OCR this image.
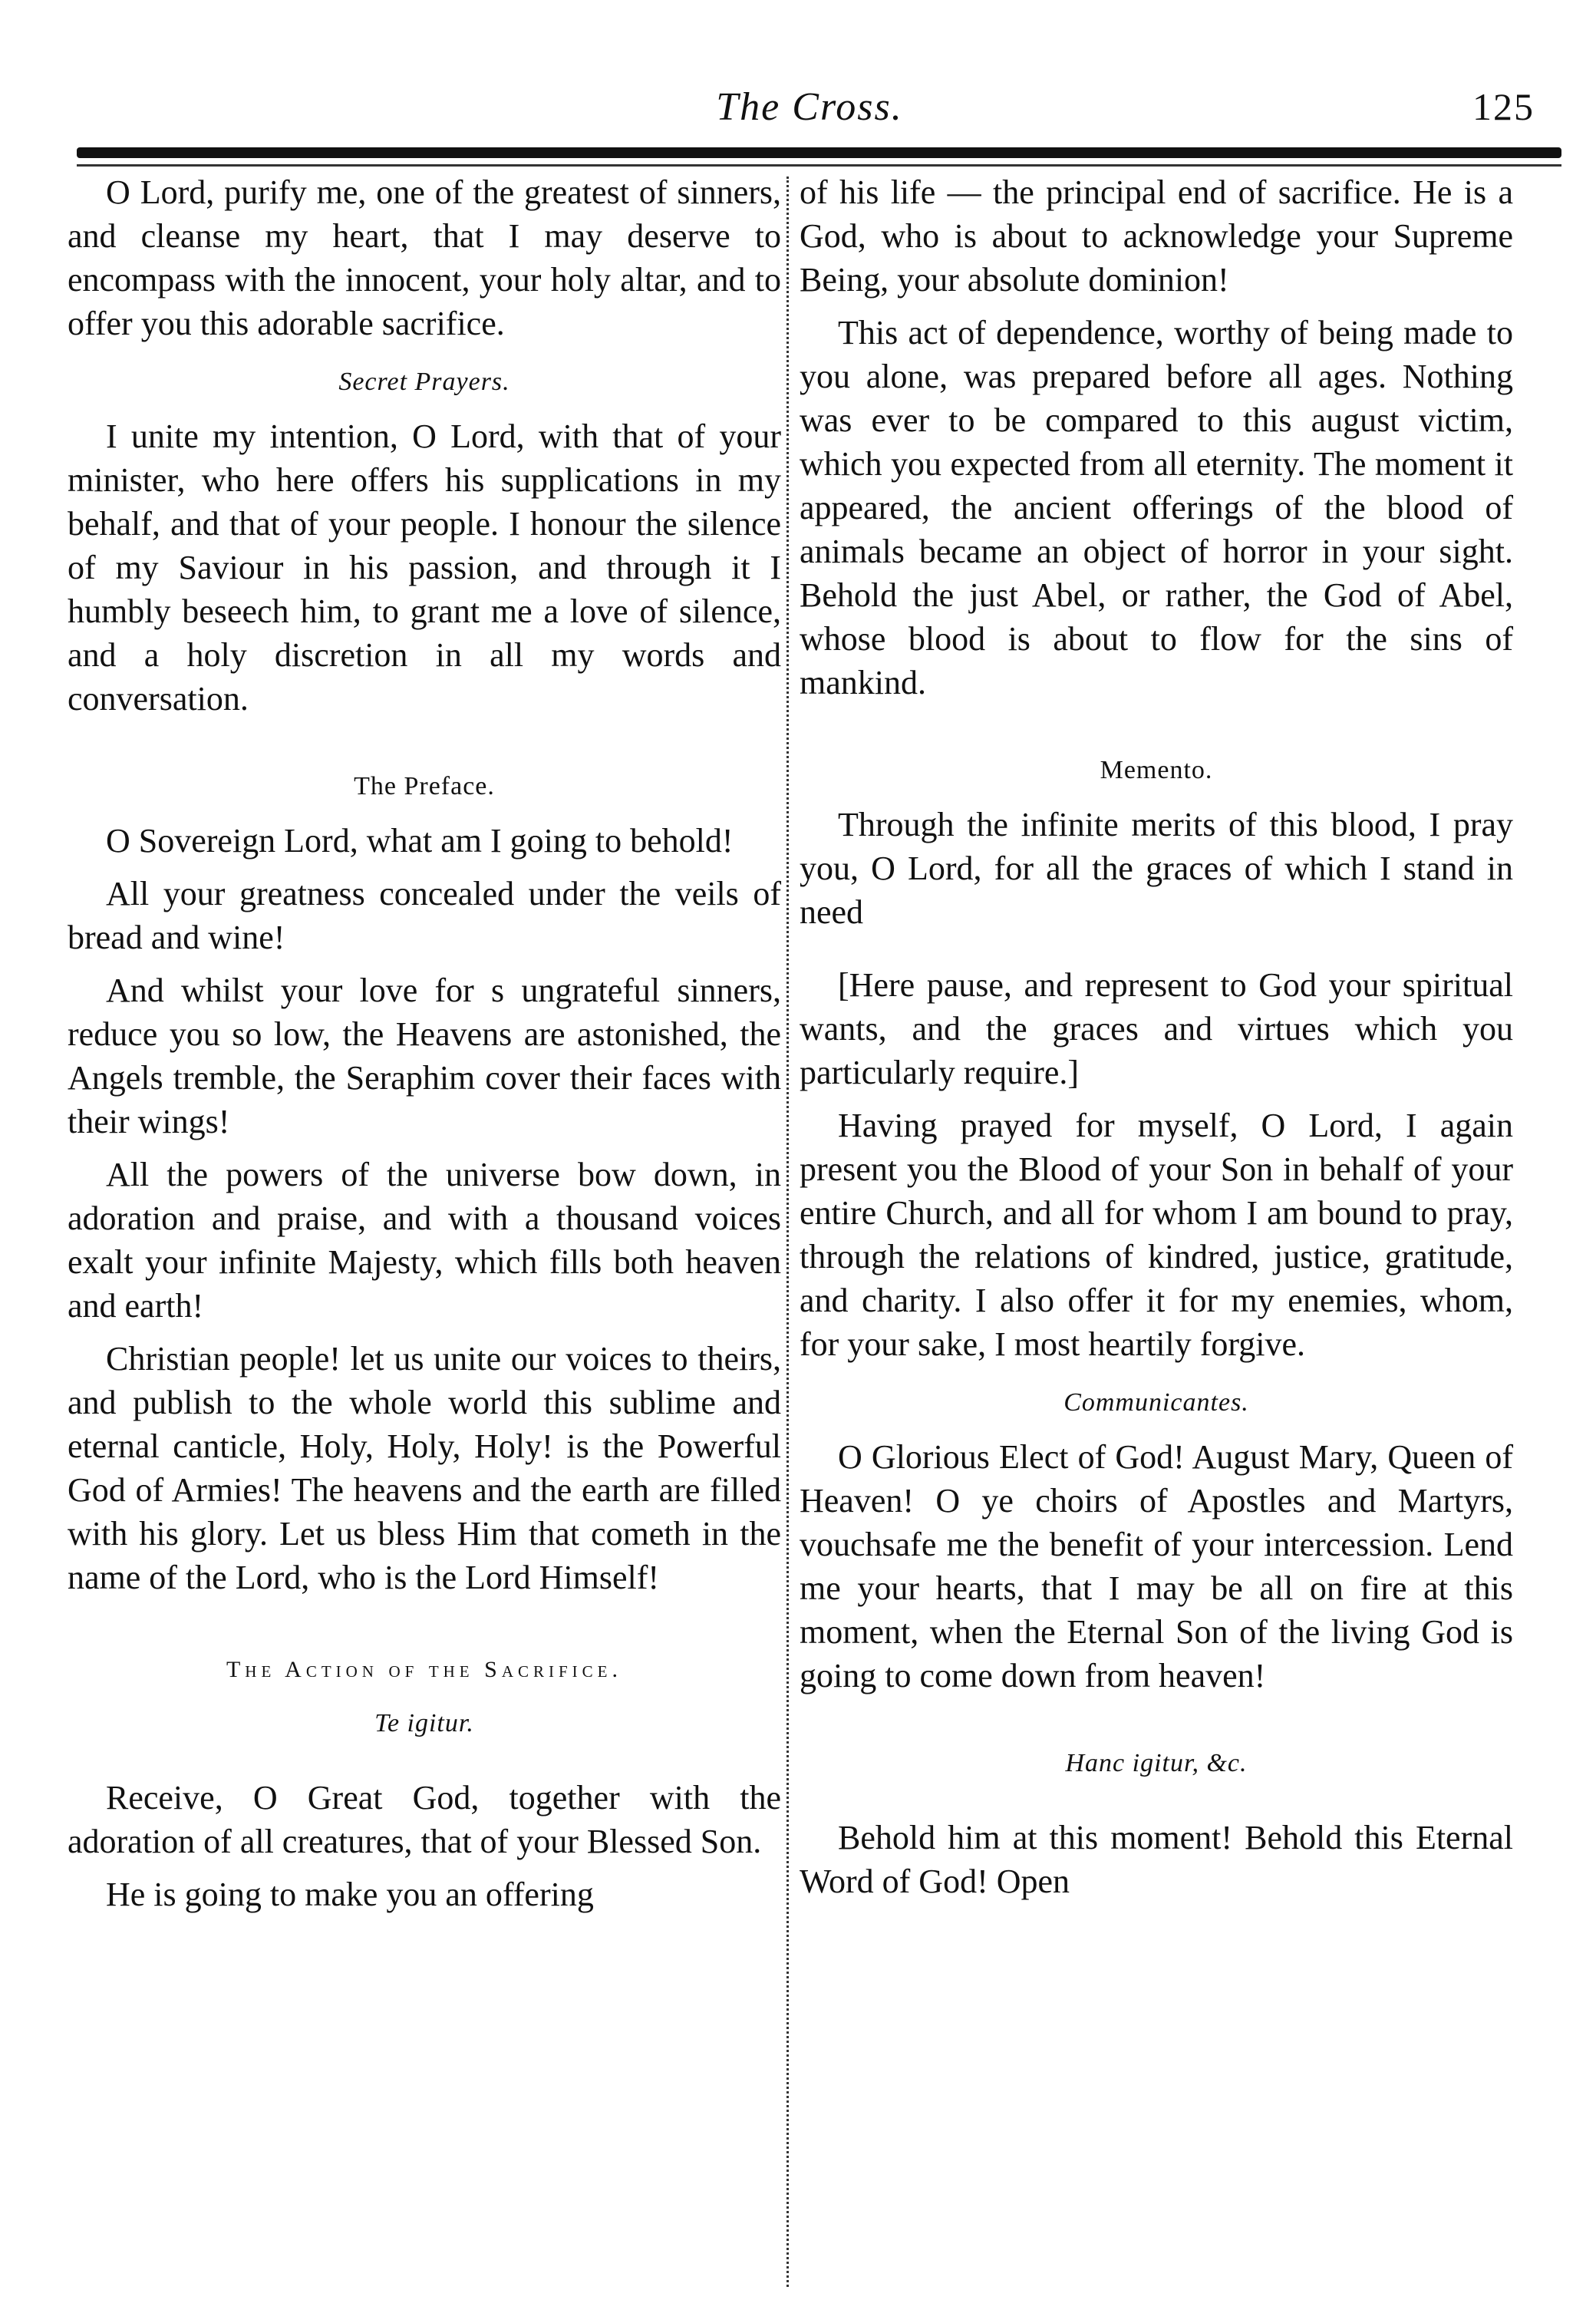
The Cross.	125

O Lord, purify me, one of the greatest of sinners, and cleanse my heart, that I may deserve to encompass with the innocent, your holy altar, and to offer you this adorable sacrifice.

Secret Prayers.

I unite my intention, O Lord, with that of your minister, who here offers his supplications in my behalf, and that of your people. I honour the silence of my Saviour in his passion, and through it I humbly beseech him, to grant me a love of silence, and a holy discretion in all my words and conversation.

The Preface.

O Sovereign Lord, what am I going to behold!

All your greatness concealed under the veils of bread and wine!

And whilst your love for s ungrateful sinners, reduce you so low, the Heavens are astonished, the Angels tremble, the Seraphim cover their faces with their wings!

All the powers of the universe bow down, in adoration and praise, and with a thousand voices exalt your infinite Majesty, which fills both heaven and earth!

Christian people! let us unite our voices to theirs, and publish to the whole world this sublime and eternal canticle, Holy, Holy, Holy! is the Powerful God of Armies! The heavens and the earth are filled with his glory. Let us bless Him that cometh in the name of the Lord, who is the Lord Himself!

The Action of the Sacrifice.
Te igitur.

Receive, O Great God, together with the adoration of all creatures, that of your Blessed Son.

He is going to make you an offering

of his life — the principal end of sacrifice. He is a God, who is about to acknowledge your Supreme Being, your absolute dominion!

This act of dependence, worthy of being made to you alone, was prepared before all ages. Nothing was ever to be compared to this august victim, which you expected from all eternity. The moment it appeared, the ancient offerings of the blood of animals became an object of horror in your sight. Behold the just Abel, or rather, the God of Abel, whose blood is about to flow for the sins of mankind.

Memento.

Through the infinite merits of this blood, I pray you, O Lord, for all the graces of which I stand in need

[Here pause, and represent to God your spiritual wants, and the graces and virtues which you particularly require.]

Having prayed for myself, O Lord, I again present you the Blood of your Son in behalf of your entire Church, and all for whom I am bound to pray, through the relations of kindred, justice, gratitude, and charity. I also offer it for my enemies, whom, for your sake, I most heartily forgive.

Communicantes.

O Glorious Elect of God! August Mary, Queen of Heaven! O ye choirs of Apostles and Martyrs, vouchsafe me the benefit of your intercession. Lend me your hearts, that I may be all on fire at this moment, when the Eternal Son of the living God is going to come down from heaven!

Hanc igitur, &c.

Behold him at this moment! Behold this Eternal Word of God! Open
